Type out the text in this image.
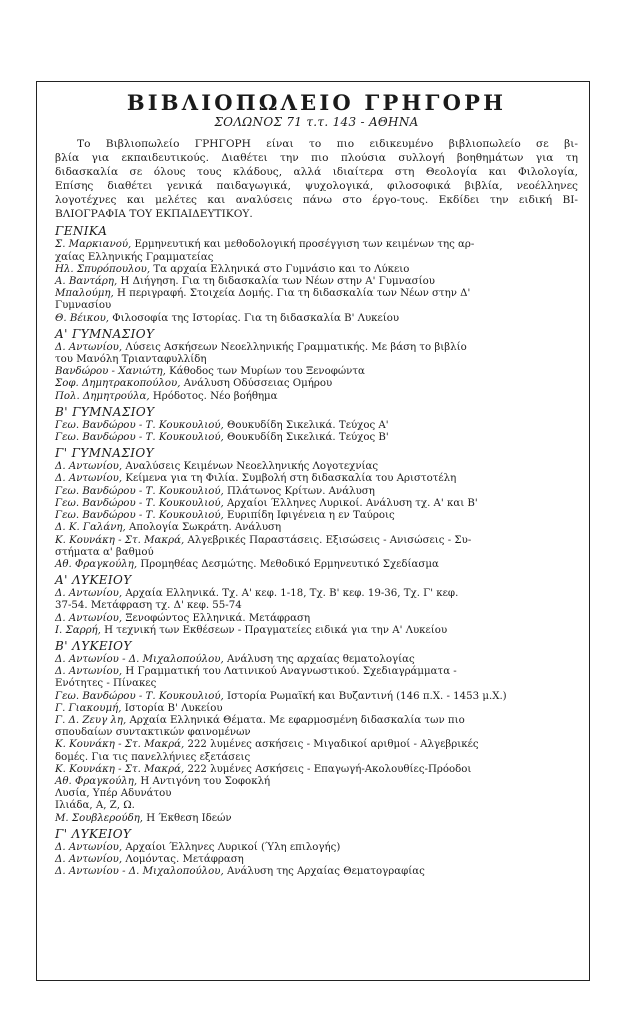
ΒΙΒΛΙΟΠΩΛΕΙΟ ΓΡΗΓΟΡΗ

ΣΟΛΩΝΟΣ 71 τ.τ. 143 - ΑΘΗΝΑ

Το Βιβλιοπωλείο ΓΡΗΓΟΡΗ είναι το πιο ειδικευμένο βιβλιοπωλείο σε βι-
βλία για εκπαιδευτικούς. Διαθέτει την πιο πλούσια συλλογή βοηθημάτων για τη
διδασκαλία σε όλους τους κλάδους, αλλά ιδιαίτερα στη Θεολογία και Φιλολογία,
Επίσης διαθέτει γενικά παιδαγωγικά, ψυχολογικά, φιλοσοφικά βιβλία, νεοέλληνες
λογοτέχνες και μελέτες και αναλύσεις πάνω στο έργο-τους. Εκδίδει την ειδική ΒΙ-
ΒΛΙΟΓΡΑΦΙΑ ΤΟΥ ΕΚΠΑΙΔΕΥΤΙΚΟΥ.
ΓΕΝΙΚΑ
Σ. Μαρκιανού, Ερμηνευτική και μεθοδολογική προσέγγιση των κειμένων της αρ-
χαίας Ελληνικής Γραμματείας
Ηλ. Σπυρόπουλου, Τα αρχαία Ελληνικά στο Γυμνάσιο και το Λύκειο
Α. Βαντάρη, Η Διήγηση. Για τη διδασκαλία των Νέων στην Α' Γυμνασίου
Μπαλούμη, Η περιγραφή. Στοιχεία Δομής. Για τη διδασκαλία των Νέων στην Δ'
Γυμνασίου
Θ. Βέικου, Φιλοσοφία της Ιστορίας. Για τη διδασκαλία Β' Λυκείου
Α' ΓΥΜΝΑΣΙΟΥ
Δ. Αντωνίου, Λύσεις Ασκήσεων Νεοελληνικής Γραμματικής. Με βάση το βιβλίο
του Μανόλη Τριανταφυλλίδη
Βανδώρου - Χανιώτη, Κάθοδος των Μυρίων του Ξενοφώντα
Σοφ. Δημητρακοπούλου, Ανάλυση Οδύσσειας Ομήρου
Πολ. Δημητρούλα, Ηρόδοτος. Νέο βοήθημα
Β' ΓΥΜΝΑΣΙΟΥ
Γεω. Βανδώρου - Τ. Κουκουλιού, Θουκυδίδη Σικελικά. Τεύχος Α'
Γεω. Βανδώρου - Τ. Κουκουλιού, Θουκυδίδη Σικελικά. Τεύχος Β'
Γ' ΓΥΜΝΑΣΙΟΥ
Δ. Αντωνίου, Αναλύσεις Κειμένων Νεοελληνικής Λογοτεχνίας
Δ. Αντωνίου, Κείμενα για τη Φιλία. Συμβολή στη διδασκαλία του Αριστοτέλη
Γεω. Βανδώρου - Τ. Κουκουλιού, Πλάτωνος Κρίτων. Ανάλυση
Γεω. Βανδώρου - Τ. Κουκουλιού, Αρχαίοι Έλληνες Λυρικοί. Ανάλυση τχ. Α' και Β'
Γεω. Βανδώρου - Τ. Κουκουλιού, Ευριπίδη Ιφιγένεια η εν Ταύροις
Δ. Κ. Γαλάνη, Απολογία Σωκράτη. Ανάλυση
Κ. Κουνάκη - Στ. Μακρά, Αλγεβρικές Παραστάσεις. Εξισώσεις - Ανισώσεις - Συ-
στήματα α' βαθμού
Αθ. Φραγκούλη, Προμηθέας Δεσμώτης. Μεθοδικό Ερμηνευτικό Σχεδίασμα
Α' ΛΥΚΕΙΟΥ
Δ. Αντωνίου, Αρχαία Ελληνικά. Τχ. Α' κεφ. 1-18, Τχ. Β' κεφ. 19-36, Τχ. Γ' κεφ.
37-54. Μετάφραση τχ. Δ' κεφ. 55-74
Δ. Αντωνίου, Ξενοφώντος Ελληνικά. Μετάφραση
Ι. Σαρρή, Η τεχνική των Εκθέσεων - Πραγματείες ειδικά για την Α' Λυκείου
Β' ΛΥΚΕΙΟΥ
Δ. Αντωνίου - Δ. Μιχαλοπούλου, Ανάλυση της αρχαίας θεματολογίας
Δ. Αντωνίου, Η Γραμματική του Λατινικού Αναγνωστικού. Σχεδιαγράμματα -
Ενότητες - Πίνακες
Γεω. Βανδώρου - Τ. Κουκουλιού, Ιστορία Ρωμαϊκή και Βυζαντινή (146 π.Χ. - 1453 μ.Χ.)
Γ. Γιακουμή, Ιστορία Β' Λυκείου
Γ. Δ. Ζευγ λη, Αρχαία Ελληνικά Θέματα. Με εφαρμοσμένη διδασκαλία των πιο
σπουδαίων συντακτικών φαινομένων
Κ. Κουνάκη - Στ. Μακρά, 222 λυμένες ασκήσεις - Μιγαδικοί αριθμοί - Αλγεβρικές
δομές. Για τις πανελλήνιες εξετάσεις
Κ. Κουνάκη - Στ. Μακρά, 222 λυμένες Ασκήσεις - Επαγωγή-Ακολουθίες-Πρόοδοι
Αθ. Φραγκούλη, Η Αντιγόνη του Σοφοκλή
Λυσία, Υπέρ Αδυνάτου
Ιλιάδα, Α, Ζ, Ω.
Μ. Σουβλερούδη, Η Έκθεση Ιδεών
Γ' ΛΥΚΕΙΟΥ
Δ. Αντωνίου, Αρχαίοι Έλληνες Λυρικοί (Ύλη επιλογής)
Δ. Αντωνίου, Λομόντας. Μετάφραση
Δ. Αντωνίου - Δ. Μιχαλοπούλου, Ανάλυση της Αρχαίας Θεματογραφίας
